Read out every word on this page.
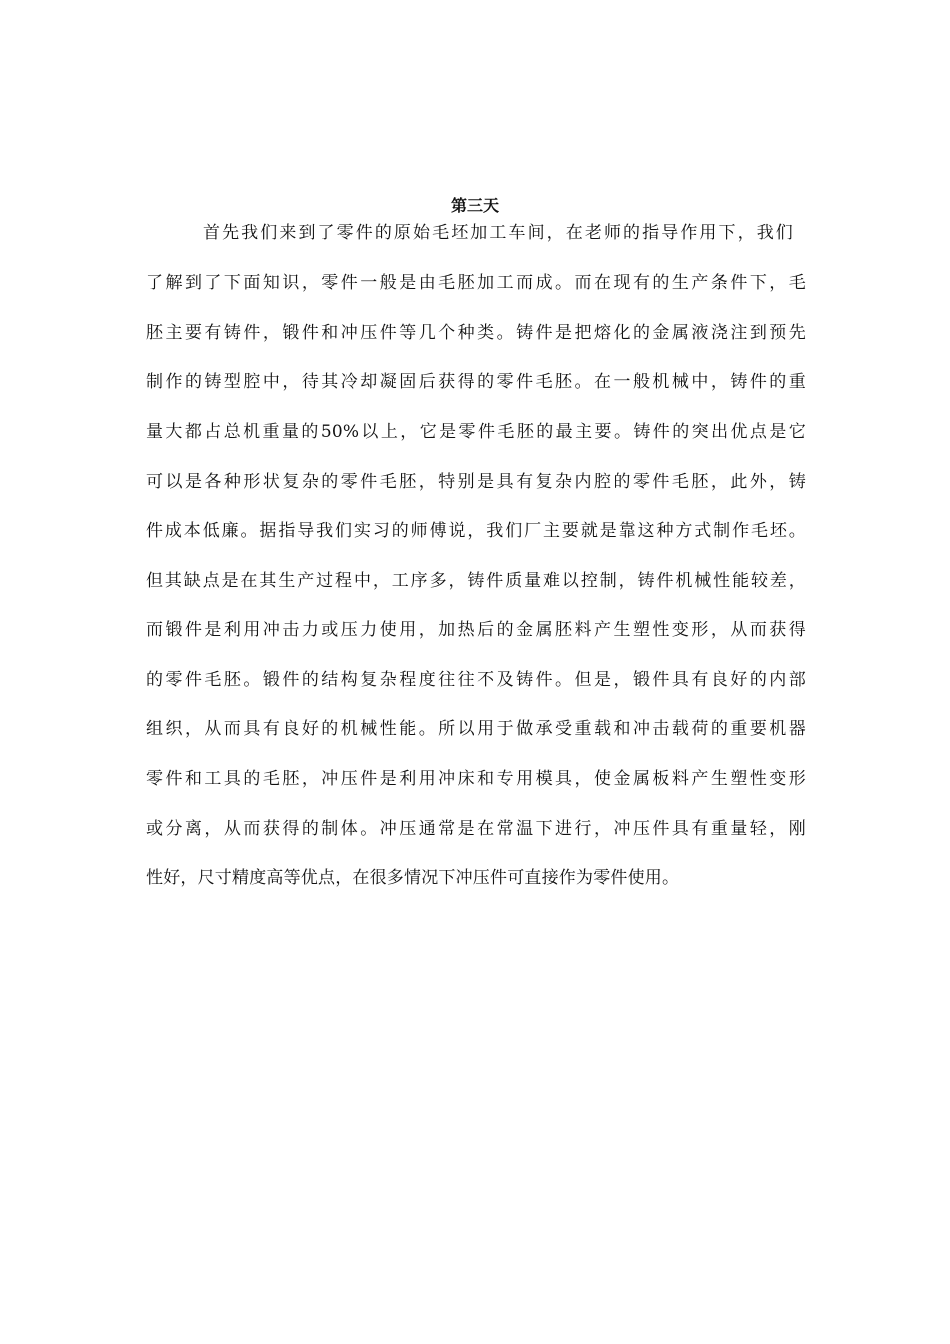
第三天
首先我们来到了零件的原始毛坯加工车间，在老师的指导作用下，我们
了解到了下面知识，零件一般是由毛胚加工而成。而在现有的生产条件下，毛
胚主要有铸件，锻件和冲压件等几个种类。铸件是把熔化的金属液浇注到预先
制作的铸型腔中，待其冷却凝固后获得的零件毛胚。在一般机械中，铸件的重
量大都占总机重量的50%以上，它是零件毛胚的最主要。铸件的突出优点是它
可以是各种形状复杂的零件毛胚，特别是具有复杂内腔的零件毛胚，此外，铸
件成本低廉。据指导我们实习的师傅说，我们厂主要就是靠这种方式制作毛坯。
但其缺点是在其生产过程中，工序多，铸件质量难以控制，铸件机械性能较差，
而锻件是利用冲击力或压力使用，加热后的金属胚料产生塑性变形，从而获得
的零件毛胚。锻件的结构复杂程度往往不及铸件。但是，锻件具有良好的内部
组织，从而具有良好的机械性能。所以用于做承受重载和冲击载荷的重要机器
零件和工具的毛胚，冲压件是利用冲床和专用模具，使金属板料产生塑性变形
或分离，从而获得的制体。冲压通常是在常温下进行，冲压件具有重量轻，刚
性好，尺寸精度高等优点，在很多情况下冲压件可直接作为零件使用。
